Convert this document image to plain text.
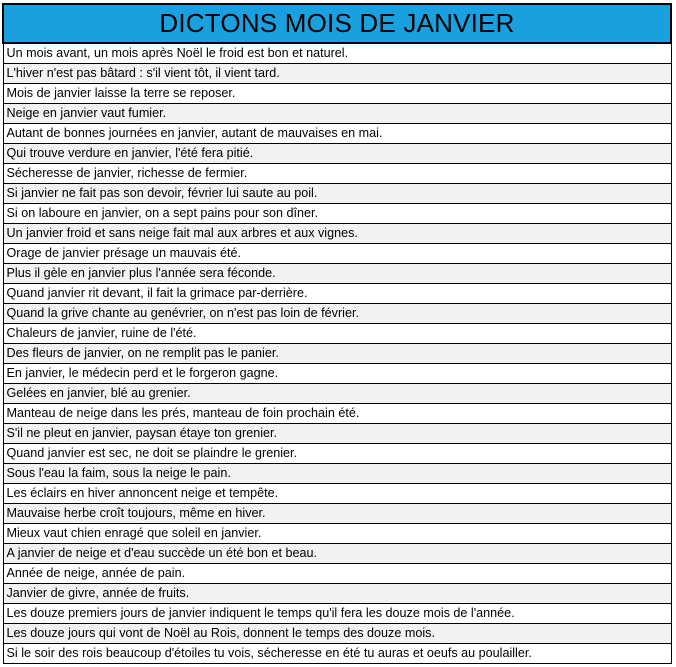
DICTONS MOIS DE JANVIER
Un mois avant, un mois après Noël le froid est bon et naturel.
L'hiver n'est pas bâtard : s'il vient tôt, il vient tard.
Mois de janvier laisse la terre se reposer.
Neige en janvier vaut fumier.
Autant de bonnes journées en janvier, autant de mauvaises en mai.
Qui trouve verdure en janvier, l'été fera pitié.
Sécheresse de janvier, richesse de fermier.
Si janvier ne fait pas son devoir, février lui saute au poil.
Si on laboure en janvier, on a sept pains pour son dîner.
Un janvier froid et sans neige fait mal aux arbres et aux vignes.
Orage de janvier présage un mauvais été.
Plus il gèle en janvier plus l'année sera féconde.
Quand janvier rit devant, il fait la grimace par-derrière.
Quand la grive chante au genévrier, on n'est pas loin de février.
Chaleurs de janvier, ruine de l'été.
Des fleurs de janvier, on ne remplit pas le panier.
En janvier, le médecin perd et le forgeron gagne.
Gelées en janvier, blé au grenier.
Manteau de neige dans les prés, manteau de foin prochain été.
S'il ne pleut en janvier, paysan étaye ton grenier.
Quand janvier est sec, ne doit se plaindre le grenier.
Sous l'eau la faim, sous la neige le pain.
Les éclairs en hiver annoncent neige et tempête.
Mauvaise herbe croît toujours, même en hiver.
Mieux vaut chien enragé que soleil en janvier.
A janvier de neige et d'eau succède un été bon et beau.
Année de neige, année de pain.
Janvier de givre, année de fruits.
Les douze premiers jours de janvier indiquent le temps qu'il fera les douze mois de l'année.
Les douze jours qui vont de Noël au Rois, donnent le temps des douze mois.
Si le soir des rois beaucoup d'étoiles tu vois, sécheresse en été tu auras et oeufs au poulailler.
